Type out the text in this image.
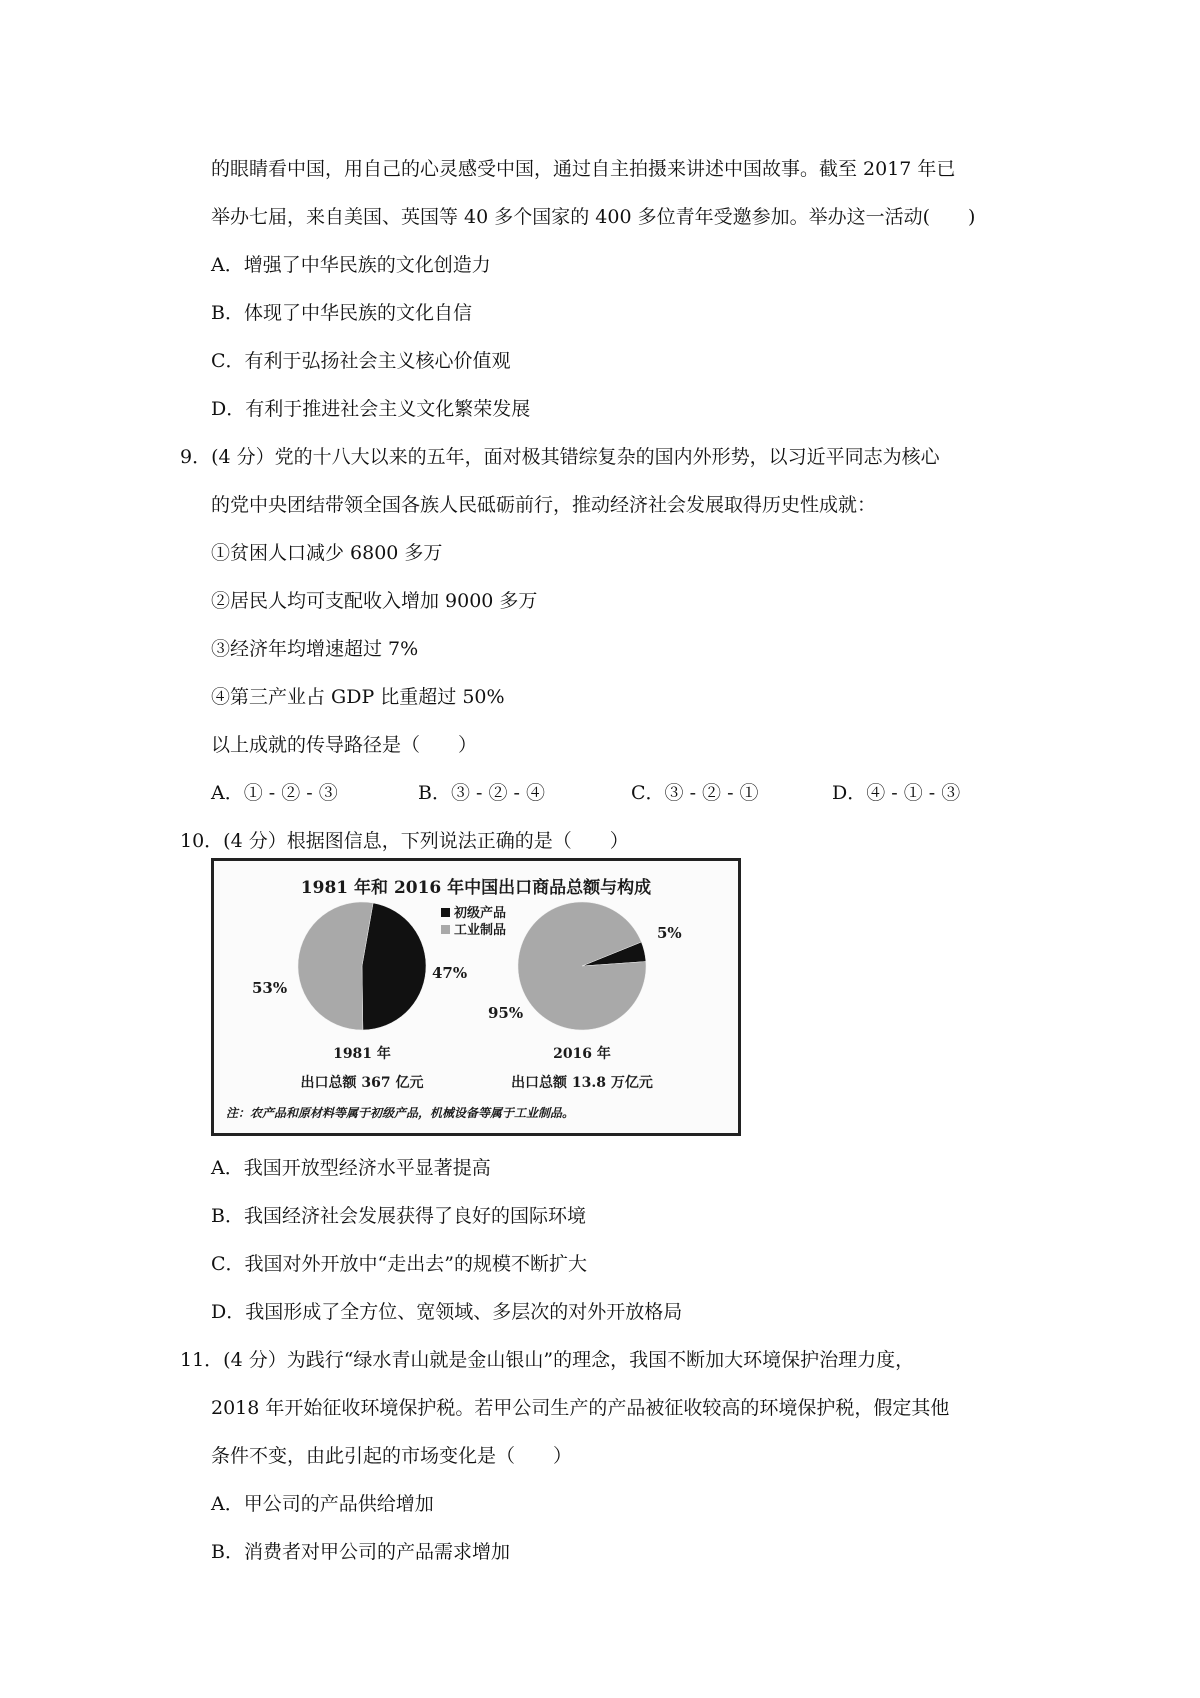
的眼睛看中国，用自己的心灵感受中国，通过自主拍摄来讲述中国故事。截至 2017 年已
举办七届，来自美国、英国等 40 多个国家的 400 多位青年受邀参加。举办这一活动(　　)
A．增强了中华民族的文化创造力
B．体现了中华民族的文化自信
C．有利于弘扬社会主义核心价值观
D．有利于推进社会主义文化繁荣发展
9．(4 分）党的十八大以来的五年，面对极其错综复杂的国内外形势，以习近平同志为核心
的党中央团结带领全国各族人民砥砺前行，推动经济社会发展取得历史性成就：
①贫困人口减少 6800 多万
②居民人均可支配收入增加 9000 多万
③经济年均增速超过 7%
④第三产业占 GDP 比重超过 50%
以上成就的传导路径是（　　）
A．① - ② - ③	B．③ - ② - ④	C．③ - ② - ①	D．④ - ① - ③
10．(4 分）根据图信息，下列说法正确的是（　　）
1981 年和 2016 年中国出口商品总额与构成
初级产品
工业制品
53%
47%
5%
95%
1981 年	2016 年
出口总额 367 亿元	出口总额 13.8 万亿元
注：农产品和原材料等属于初级产品，机械设备等属于工业制品。
A．我国开放型经济水平显著提高
B．我国经济社会发展获得了良好的国际环境
C．我国对外开放中“走出去”的规模不断扩大
D．我国形成了全方位、宽领域、多层次的对外开放格局
11．(4 分）为践行“绿水青山就是金山银山”的理念，我国不断加大环境保护治理力度，
2018 年开始征收环境保护税。若甲公司生产的产品被征收较高的环境保护税，假定其他
条件不变，由此引起的市场变化是（　　）
A．甲公司的产品供给增加
B．消费者对甲公司的产品需求增加
